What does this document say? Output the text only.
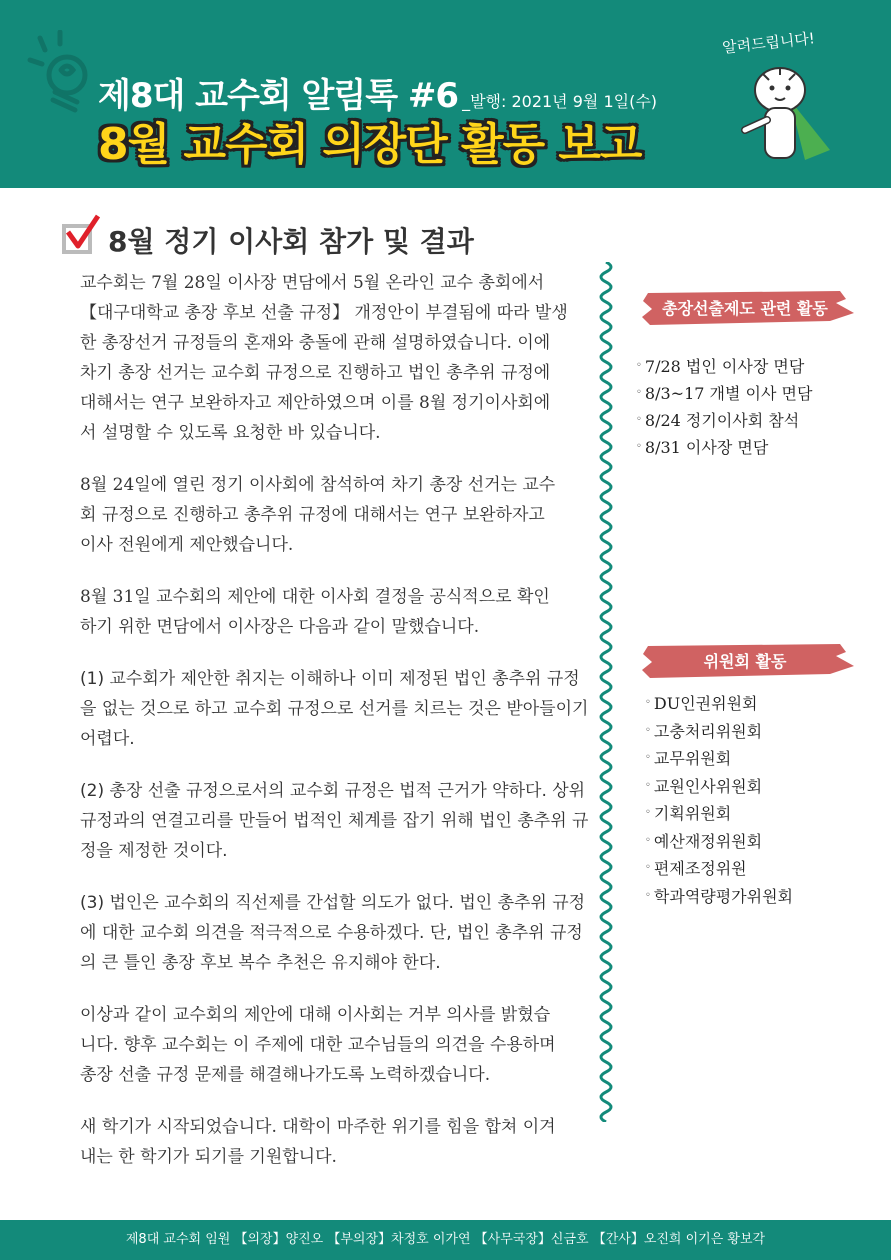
제8대 교수회 알림톡 #6 _발행: 2021년 9월 1일(수)
8월 교수회 의장단 활동 보고
알려드립니다!
8월 정기 이사회 참가 및 결과
교수회는 7월 28일 이사장 면담에서 5월 온라인 교수 총회에서
【대구대학교 총장 후보 선출 규정】 개정안이 부결됨에 따라 발생
한 총장선거 규정들의 혼재와 충돌에 관해 설명하였습니다. 이에
차기 총장 선거는 교수회 규정으로 진행하고 법인 총추위 규정에
대해서는 연구 보완하자고 제안하였으며 이를 8월 정기이사회에
서 설명할 수 있도록 요청한 바 있습니다.
8월 24일에 열린 정기 이사회에 참석하여 차기 총장 선거는 교수
회 규정으로 진행하고 총추위 규정에 대해서는 연구 보완하자고
이사 전원에게 제안했습니다.
8월 31일 교수회의 제안에 대한 이사회 결정을 공식적으로 확인
하기 위한 면담에서 이사장은 다음과 같이 말했습니다.
(1) 교수회가 제안한 취지는 이해하나 이미 제정된 법인 총추위 규정
을 없는 것으로 하고 교수회 규정으로 선거를 치르는 것은 받아들이기
어렵다.
(2) 총장 선출 규정으로서의 교수회 규정은 법적 근거가 약하다. 상위
규정과의 연결고리를 만들어 법적인 체계를 잡기 위해 법인 총추위 규
정을 제정한 것이다.
(3) 법인은 교수회의 직선제를 간섭할 의도가 없다. 법인 총추위 규정
에 대한 교수회 의견을 적극적으로 수용하겠다. 단, 법인 총추위 규정
의 큰 틀인 총장 후보 복수 추천은 유지해야 한다.
이상과 같이 교수회의 제안에 대해 이사회는 거부 의사를 밝혔습
니다. 향후 교수회는 이 주제에 대한 교수님들의 의견을 수용하며
총장 선출 규정 문제를 해결해나가도록 노력하겠습니다.
새 학기가 시작되었습니다. 대학이 마주한 위기를 힘을 합쳐 이겨
내는 한 학기가 되기를 기원합니다.
총장선출제도 관련 활동
◦ 7/28 법인 이사장 면담
◦ 8/3~17 개별 이사 면담
◦ 8/24 정기이사회 참석
◦ 8/31 이사장 면담
위원회 활동
◦ DU인권위원회
◦ 고충처리위원회
◦ 교무위원회
◦ 교원인사위원회
◦ 기획위원회
◦ 예산재정위원회
◦ 편제조정위원
◦ 학과역량평가위원회
제8대 교수회 임원 【의장】양진오 【부의장】차정호 이가연 【사무국장】신금호 【간사】오진희 이기은 황보각
